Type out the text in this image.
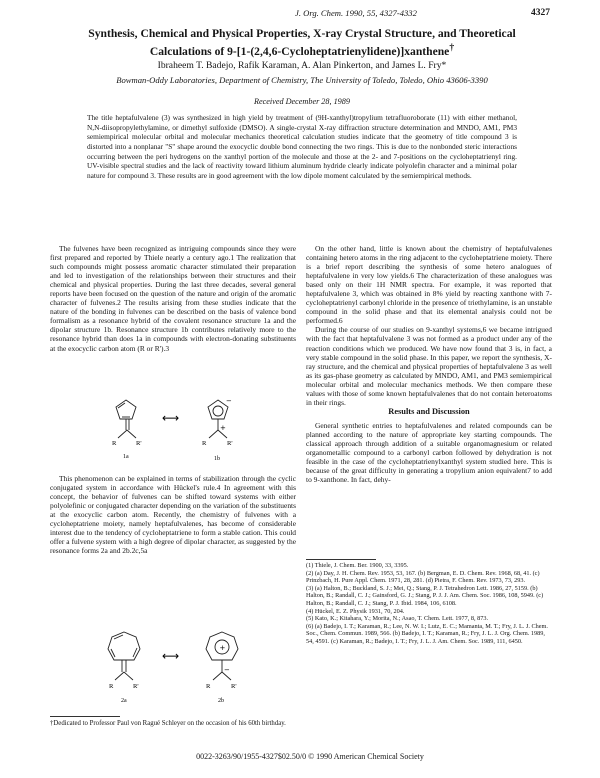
J. Org. Chem. 1990, 55, 4327-4332	4327
Synthesis, Chemical and Physical Properties, X-ray Crystal Structure, and Theoretical Calculations of 9-[1-(2,4,6-Cycloheptatrienylidene)]xanthene†
Ibraheem T. Badejo, Rafik Karaman, A. Alan Pinkerton, and James L. Fry*
Bowman-Oddy Laboratories, Department of Chemistry, The University of Toledo, Toledo, Ohio 43606-3390
Received December 28, 1989

The title heptafulvalene (3) was synthesized in high yield by treatment of (9H-xanthyl)tropylium tetrafluoroborate (11) with either methanol, N,N-diisopropylethylamine, or dimethyl sulfoxide (DMSO). A single-crystal X-ray diffraction structure determination and MNDO, AM1, PM3 semiempirical molecular orbital and molecular mechanics theoretical calculation studies indicate that the geometry of title compound 3 is distorted into a nonplanar "S" shape around the exocyclic double bond connecting the two rings. This is due to the nonbonded steric interactions occurring between the peri hydrogens on the xanthyl portion of the molecule and those at the 2- and 7-positions on the cycloheptatrienyl ring. UV-visible spectral studies and the lack of reactivity toward lithium aluminum hydride clearly indicate polyolefin character and a minimal polar nature for compound 3. These results are in good agreement with the low dipole moment calculated by the semiempirical methods.

The fulvenes have been recognized as intriguing compounds since they were first prepared and reported by Thiele nearly a century ago.1 The realization that such compounds might possess aromatic character stimulated their preparation and led to investigation of the relationships between their structures and their chemical and physical properties. During the last three decades, several general reports have been focused on the question of the nature and origin of the aromatic character of fulvenes.2 The results arising from these studies indicate that the nature of the bonding in fulvenes can be described on the basis of valence bond formalism as a resonance hybrid of the covalent resonance structure 1a and the dipolar structure 1b. Resonance structure 1b contributes relatively more to the resonance hybrid than does 1a in compounds with electron-donating substituents at the exocyclic carbon atom (R or R').3

R	R'
1a
⟷
−
+
R	R'
1b

This phenomenon can be explained in terms of stabilization through the cyclic conjugated system in accordance with Hückel's rule.4 In agreement with this concept, the behavior of fulvenes can be shifted toward systems with either polyolefinic or conjugated character depending on the variation of the substituents at the exocyclic carbon atom. Recently, the chemistry of fulvenes with a cycloheptatriene moiety, namely heptafulvalenes, has become of considerable interest due to the tendency of cycloheptatriene to form a stable cation. This could offer a fulvene system with a high degree of dipolar character, as suggested by the resonance forms 2a and 2b.2c,5a

R	R'
2a
⟷
+
−
R	R'
2b
†Dedicated to Professor Paul von Ragué Schleyer on the occasion of his 60th birthday.

On the other hand, little is known about the chemistry of heptafulvalenes containing hetero atoms in the ring adjacent to the cycloheptatriene moiety. There is a brief report describing the synthesis of some hetero analogues of heptafulvalene in very low yields.6 The characterization of these analogues was based only on their 1H NMR spectra. For example, it was reported that heptafulvalene 3, which was obtained in 8% yield by reacting xanthone with 7-cycloheptatrienyl carbonyl chloride in the presence of triethylamine, is an unstable compound in the solid phase and that its elemental analysis could not be performed.6

During the course of our studies on 9-xanthyl systems,6 we became intrigued with the fact that heptafulvalene 3 was not formed as a product under any of the reaction conditions which we produced. We have now found that 3 is, in fact, a very stable compound in the solid phase. In this paper, we report the synthesis, X-ray structure, and the chemical and physical properties of heptafulvalene 3 as well as its gas-phase geometry as calculated by MNDO, AM1, and PM3 semiempirical molecular orbital and molecular mechanics methods. We then compare these values with those of some known heptafulvalenes that do not contain heteroatoms in their rings.

Results and Discussion

General synthetic entries to heptafulvalenes and related compounds can be planned according to the nature of appropriate key starting compounds. The classical approach through addition of a suitable organomagnesium or related organometallic compound to a carbonyl carbon followed by dehydration is not feasible in the case of the cycloheptatrienylxanthyl system studied here. This is because of the great difficulty in generating a tropylium anion equivalent7 to add to 9-xanthone. In fact, dehy-

(1) Thiele, J. Chem. Ber. 1900, 33, 3395.
(2) (a) Day, J. H. Chem. Rev. 1953, 53, 167. (b) Bergman, E. D. Chem. Rev. 1968, 68, 41. (c) Prinzbach, H. Pure Appl. Chem. 1971, 28, 281. (d) Pietra, F. Chem. Rev. 1973, 73, 293.
(3) (a) Halton, B.; Buckland, S. J.; Mei, Q.; Stang, P. J. Tetrahedron Lett. 1986, 27, 5159. (b) Halton, B.; Randall, C. J.; Gainsford, G. J.; Stang, P. J. J. Am. Chem. Soc. 1986, 108, 5949. (c) Halton, B.; Randall, C. J.; Stang, P. J. Ibid. 1984, 106, 6108.
(4) Hückel, E. Z. Physik 1931, 70, 204.
(5) Kato, K.; Kitahara, Y.; Morita, N.; Asao, T. Chem. Lett. 1977, 8, 873.
(6) (a) Badejo, I. T.; Karaman, R.; Lee, N. W. I.; Lutz, E. C.; Mamanta, M. T.; Fry, J. L. J. Chem. Soc., Chem. Commun. 1989, 566. (b) Badejo, I. T.; Karaman, R.; Fry, J. L. J. Org. Chem. 1989, 54, 4591. (c) Karaman, R.; Badejo, I. T.; Fry, J. L. J. Am. Chem. Soc. 1989, 111, 6450.
0022-3263/90/1955-4327$02.50/0 © 1990 American Chemical Society
